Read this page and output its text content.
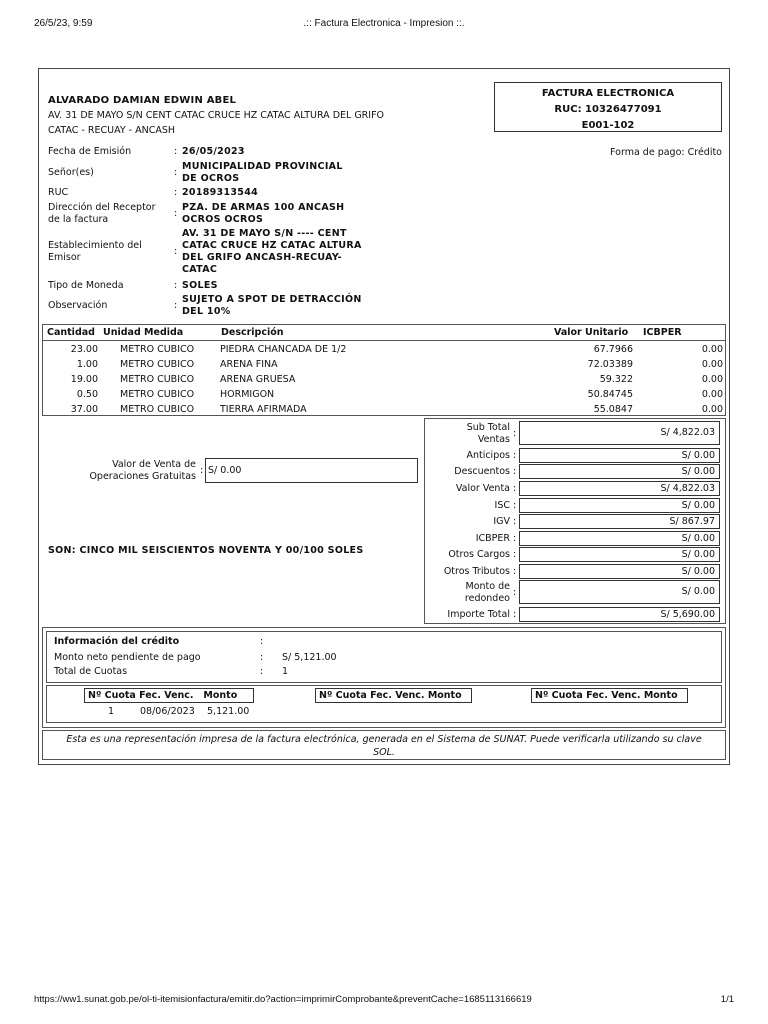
26/5/23, 9:59	.:: Factura Electronica - Impresion ::.
https://ww1.sunat.gob.pe/ol-ti-itemisionfactura/emitir.do?action=imprimirComprobante&preventCache=1685113166619	1/1
ALVARADO DAMIAN EDWIN ABEL
AV. 31 DE MAYO S/N CENT CATAC CRUCE HZ CATAC ALTURA DEL GRIFO
CATAC - RECUAY - ANCASH
FACTURA ELECTRONICA
RUC: 10326477091
E001-102
Fecha de Emisión	: 26/05/2023	Forma de pago: Crédito
Señor(es)	:
MUNICIPALIDAD PROVINCIAL
DE OCROS
RUC	: 20189313544
Dirección del Receptor
de la factura
:
PZA. DE ARMAS 100 ANCASH
OCROS OCROS
Establecimiento del
Emisor
:
AV. 31 DE MAYO S/N ---- CENT
CATAC CRUCE HZ CATAC ALTURA
DEL GRIFO ANCASH-RECUAY-
CATAC
Tipo de Moneda	: SOLES
Observación	:
SUJETO A SPOT DE DETRACCIÓN
DEL 10%
Cantidad Unidad Medida	Descripción	Valor Unitario ICBPER
23.00 METRO CUBICO	PIEDRA CHANCADA DE 1/2	67.7966	0.00
1.00 METRO CUBICO	ARENA FINA	72.03389	0.00
19.00 METRO CUBICO	ARENA GRUESA	59.322	0.00
0.50 METRO CUBICO	HORMIGON	50.84745	0.00
37.00 METRO CUBICO	TIERRA AFIRMADA	55.0847	0.00
Valor de Venta de
Operaciones Gratuitas
: S/ 0.00
SON: CINCO MIL SEISCIENTOS NOVENTA Y 00/100 SOLES
Sub Total
Ventas
:	S/ 4,822.03
Anticipos :	S/ 0.00
Descuentos :	S/ 0.00
Valor Venta :	S/ 4,822.03
ISC :	S/ 0.00
IGV :	S/ 867.97
ICBPER :	S/ 0.00
Otros Cargos :	S/ 0.00
Otros Tributos :	S/ 0.00
Monto de
redondeo
:	S/ 0.00
Importe Total :	S/ 5,690.00
Información del crédito	:
Monto neto pendiente de pago	: S/ 5,121.00
Total de Cuotas	: 1
Nº Cuota Fec. Venc.   Monto	Nº Cuota Fec. Venc. Monto	Nº Cuota Fec. Venc. Monto
1	08/06/2023 5,121.00
Esta es una representación impresa de la factura electrónica, generada en el Sistema de SUNAT. Puede verificarla utilizando su clave
SOL.
